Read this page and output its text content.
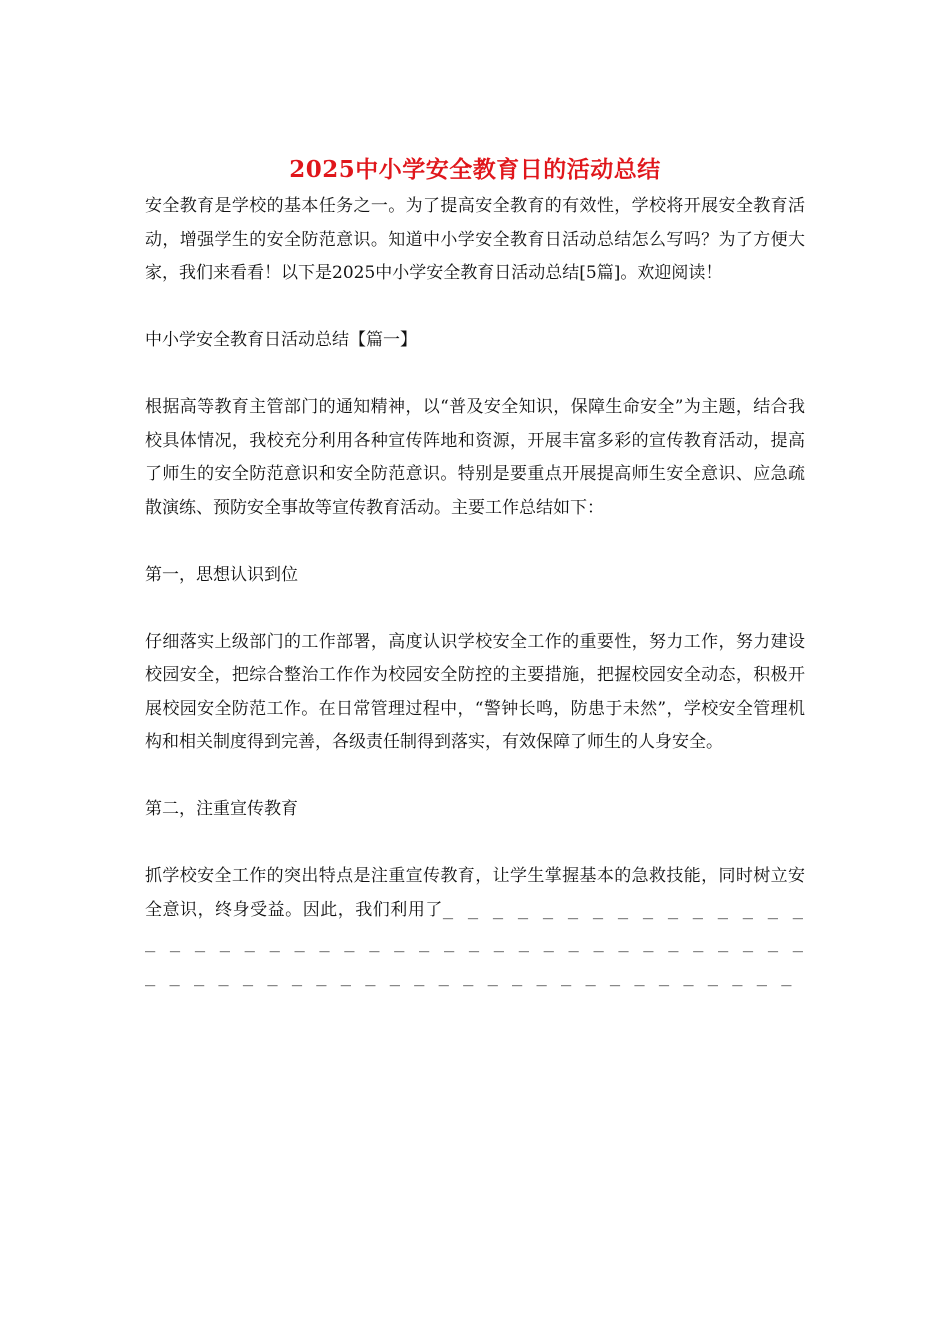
2025中小学安全教育日的活动总结

安全教育是学校的基本任务之一。为了提高安全教育的有效性，学校将开展安全教育活动，增强学生的安全防范意识。知道中小学安全教育日活动总结怎么写吗？为了方便大家，我们来看看！以下是2025中小学安全教育日活动总结[5篇]。欢迎阅读！

中小学安全教育日活动总结【篇一】

根据高等教育主管部门的通知精神，以“普及安全知识，保障生命安全”为主题，结合我校具体情况，我校充分利用各种宣传阵地和资源，开展丰富多彩的宣传教育活动，提高了师生的安全防范意识和安全防范意识。特别是要重点开展提高师生安全意识、应急疏散演练、预防安全事故等宣传教育活动。主要工作总结如下：

第一，思想认识到位

仔细落实上级部门的工作部署，高度认识学校安全工作的重要性，努力工作，努力建设校园安全，把综合整治工作作为校园安全防控的主要措施，把握校园安全动态，积极开展校园安全防范工作。在日常管理过程中，“警钟长鸣，防患于未然”，学校安全管理机构和相关制度得到完善，各级责任制得到落实，有效保障了师生的人身安全。

第二，注重宣传教育

抓学校安全工作的突出特点是注重宣传教育，让学生掌握基本的急救技能，同时树立安全意识，终身受益。因此，我们利用了_ _ _ _ _ _ _ _ _ _ _ _ _ _ _ _ _ _ _ _ _ _ _ _ _ _ _ _ _ _ _ _ _ _ _ _ _ _ _ _ _ _ _ _ _ _ _ _ _ _ _ _ _ _ _ _ _ _ _ _ _ _ _ _ _ _ _ _ _
